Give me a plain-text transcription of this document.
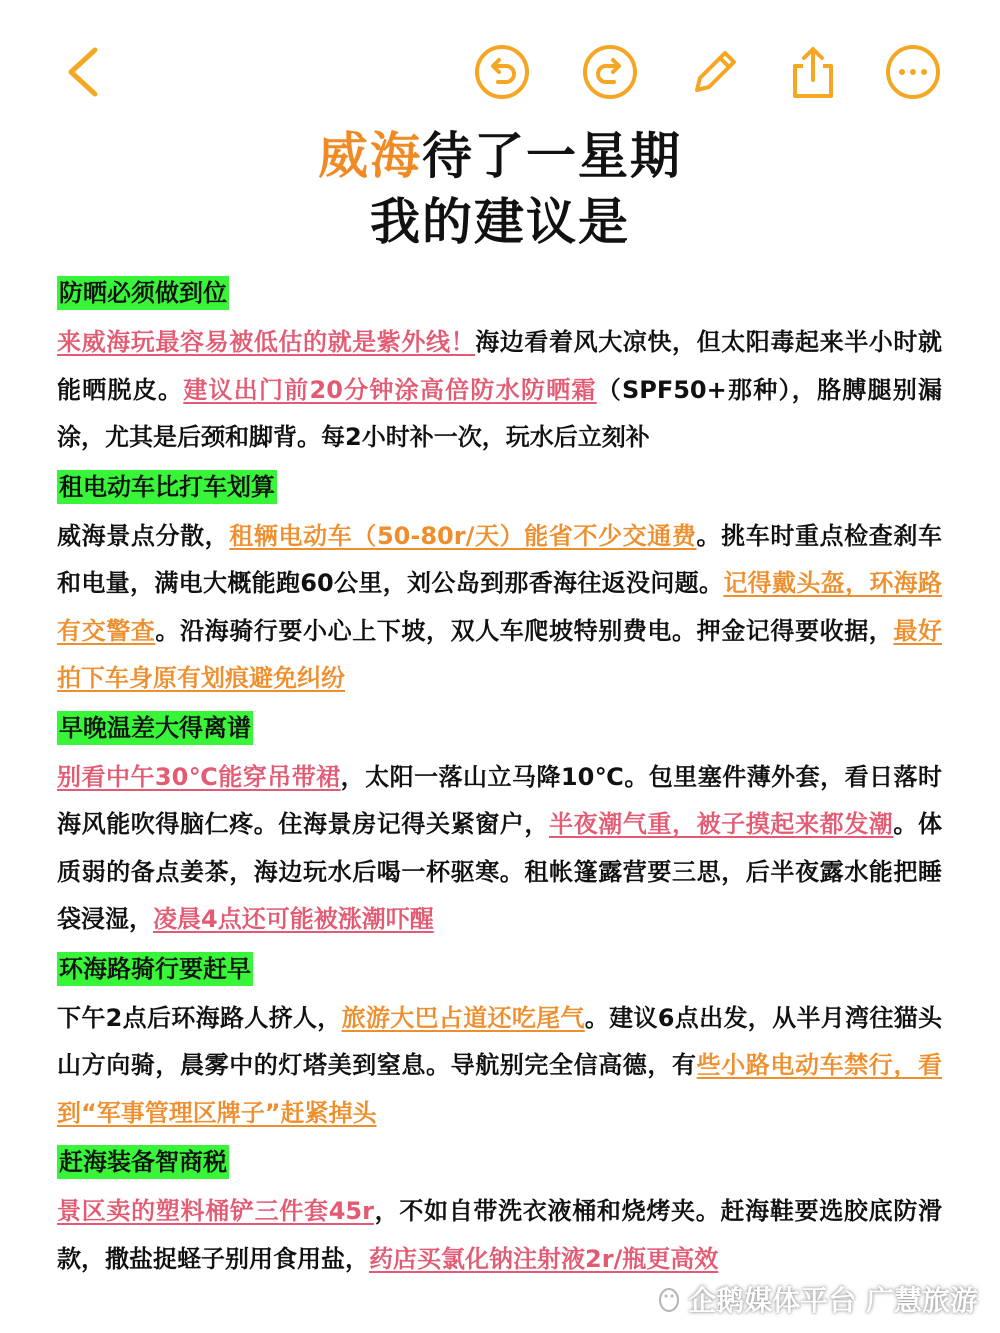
威海待了一星期
我的建议是
防晒必须做到位
来威海玩最容易被低估的就是紫外线！海边看着风大凉快，但太阳毒起来半小时就能晒脱皮。建议出门前20分钟涂高倍防水防晒霜（SPF50+那种），胳膊腿别漏涂，尤其是后颈和脚背。每2小时补一次，玩水后立刻补
租电动车比打车划算
威海景点分散，租辆电动车（50-80r/天）能省不少交通费。挑车时重点检查刹车和电量，满电大概能跑60公里，刘公岛到那香海往返没问题。记得戴头盔，环海路有交警查。沿海骑行要小心上下坡，双人车爬坡特别费电。押金记得要收据，最好拍下车身原有划痕避免纠纷
早晚温差大得离谱
别看中午30℃能穿吊带裙，太阳一落山立马降10℃。包里塞件薄外套，看日落时海风能吹得脑仁疼。住海景房记得关紧窗户，半夜潮气重，被子摸起来都发潮。体质弱的备点姜茶，海边玩水后喝一杯驱寒。租帐篷露营要三思，后半夜露水能把睡袋浸湿，凌晨4点还可能被涨潮吓醒
环海路骑行要赶早
下午2点后环海路人挤人，旅游大巴占道还吃尾气。建议6点出发，从半月湾往猫头山方向骑，晨雾中的灯塔美到窒息。导航别完全信高德，有些小路电动车禁行，看到“军事管理区牌子”赶紧掉头
赶海装备智商税
景区卖的塑料桶铲三件套45r，不如自带洗衣液桶和烧烤夹。赶海鞋要选胶底防滑款，撒盐捉蛏子别用食用盐，药店买氯化钠注射液2r/瓶更高效
企鹅媒体平台 广慧旅游
